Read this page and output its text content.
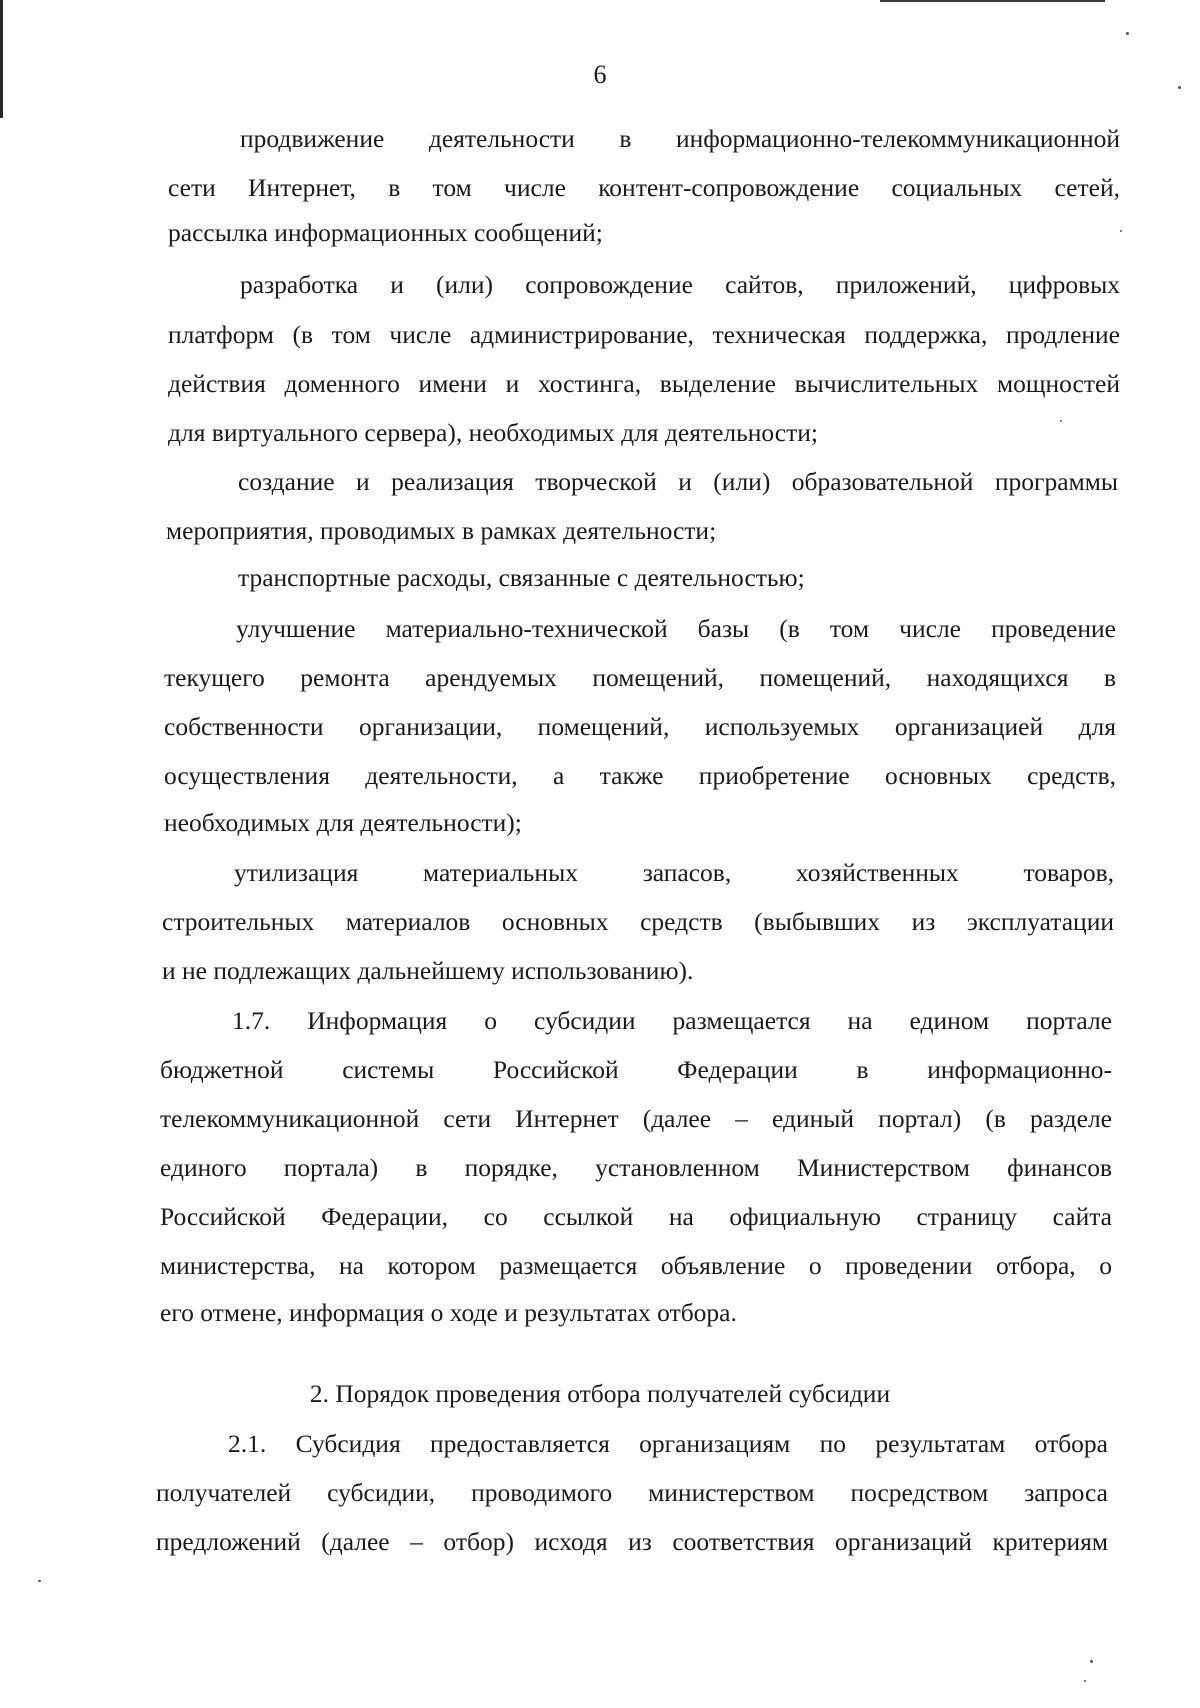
6
продвижение деятельности в информационно-телекоммуникационной
сети Интернет, в том числе контент-сопровождение социальных сетей,
рассылка информационных сообщений;
разработка и (или) сопровождение сайтов, приложений, цифровых
платформ (в том числе администрирование, техническая поддержка, продление
действия доменного имени и хостинга, выделение вычислительных мощностей
для виртуального сервера), необходимых для деятельности;
создание и реализация творческой и (или) образовательной программы
мероприятия, проводимых в рамках деятельности;
транспортные расходы, связанные с деятельностью;
улучшение материально-технической базы (в том числе проведение
текущего ремонта арендуемых помещений, помещений, находящихся в
собственности организации, помещений, используемых организацией для
осуществления деятельности, а также приобретение основных средств,
необходимых для деятельности);
утилизация материальных запасов, хозяйственных товаров,
строительных материалов основных средств (выбывших из эксплуатации
и не подлежащих дальнейшему использованию).
1.7. Информация о субсидии размещается на едином портале
бюджетной системы Российской Федерации в информационно-
телекоммуникационной сети Интернет (далее – единый портал) (в разделе
единого портала) в порядке, установленном Министерством финансов
Российской Федерации, со ссылкой на официальную страницу сайта
министерства, на котором размещается объявление о проведении отбора, о
его отмене, информация о ходе и результатах отбора.
2. Порядок проведения отбора получателей субсидии
2.1. Субсидия предоставляется организациям по результатам отбора
получателей субсидии, проводимого министерством посредством запроса
предложений (далее – отбор) исходя из соответствия организаций критериям
